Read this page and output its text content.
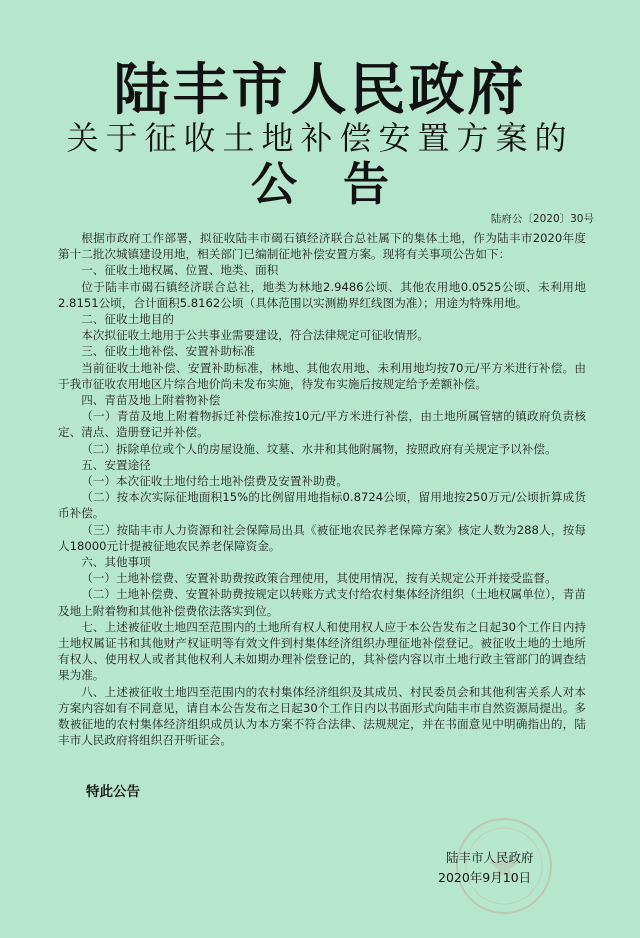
陆丰市人民政府
关于征收土地补偿安置方案的
公告
陆府公〔2020〕30号

根据市政府工作部署，拟征收陆丰市碣石镇经济联合总社属下的集体土地，作为陆丰市2020年度第十二批次城镇建设用地，相关部门已编制征地补偿安置方案。现将有关事项公告如下：

一、征收土地权属、位置、地类、面积

位于陆丰市碣石镇经济联合总社，地类为林地2.9486公顷、其他农用地0.0525公顷、未利用地2.8151公顷，合计面积5.8162公顷（具体范围以实测勘界红线图为准）；用途为特殊用地。

二、征收土地目的

本次拟征收土地用于公共事业需要建设，符合法律规定可征收情形。

三、征收土地补偿、安置补助标准

当前征收土地补偿、安置补助标准，林地、其他农用地、未利用地均按70元/平方米进行补偿。由于我市征收农用地区片综合地价尚未发布实施，待发布实施后按规定给予差额补偿。

四、青苗及地上附着物补偿

（一）青苗及地上附着物拆迁补偿标准按10元/平方米进行补偿，由土地所属管辖的镇政府负责核定、清点、造册登记并补偿。

（二）拆除单位或个人的房屋设施、坟墓、水井和其他附属物，按照政府有关规定予以补偿。

五、安置途径

（一）本次征收土地付给土地补偿费及安置补助费。

（二）按本次实际征地面积15%的比例留用地指标0.8724公顷，留用地按250万元/公顷折算成货币补偿。

（三）按陆丰市人力资源和社会保障局出具《被征地农民养老保障方案》核定人数为288人，按每人18000元计提被征地农民养老保障资金。

六、其他事项

（一）土地补偿费、安置补助费按政策合理使用，其使用情况，按有关规定公开并接受监督。

（二）土地补偿费、安置补助费按规定以转账方式支付给农村集体经济组织（土地权属单位），青苗及地上附着物和其他补偿费依法落实到位。

七、上述被征收土地四至范围内的土地所有权人和使用权人应于本公告发布之日起30个工作日内持土地权属证书和其他财产权证明等有效文件到村集体经济组织办理征地补偿登记。被征收土地的土地所有权人、使用权人或者其他权利人未如期办理补偿登记的，其补偿内容以市土地行政主管部门的调查结果为准。

八、上述被征收土地四至范围内的农村集体经济组织及其成员、村民委员会和其他利害关系人对本方案内容如有不同意见，请自本公告发布之日起30个工作日内以书面形式向陆丰市自然资源局提出。多数被征地的农村集体经济组织成员认为本方案不符合法律、法规规定，并在书面意见中明确指出的，陆丰市人民政府将组织召开听证会。

特此公告
陆丰市人民政府
2020年9月10日
